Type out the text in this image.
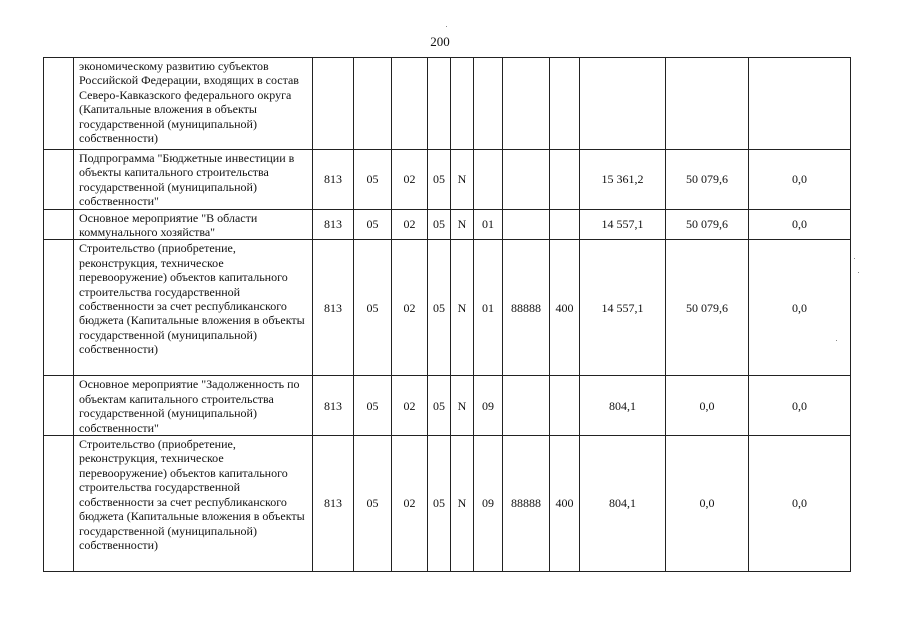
200
	экономическому развитию субъектов Российской Федерации, входящих в состав Северо-Кавказского федерального округа (Капитальные вложения в объекты государственной (муниципальной) собственности)											
	Подпрограмма "Бюджетные инвестиции в объекты капитального строительства государственной (муниципальной) собственности"	813	05	02	05	N				15 361,2	50 079,6	0,0
	Основное мероприятие "В области коммунального хозяйства"	813	05	02	05	N	01			14 557,1	50 079,6	0,0
	Строительство (приобретение, реконструкция, техническое перевооружение) объектов капитального строительства государственной собственности за счет республиканского бюджета (Капитальные вложения в объекты государственной (муниципальной) собственности)	813	05	02	05	N	01	88888	400	14 557,1	50 079,6	0,0
	Основное мероприятие "Задолженность по объектам капитального строительства государственной (муниципальной) собственности"	813	05	02	05	N	09			804,1	0,0	0,0
	Строительство (приобретение, реконструкция, техническое перевооружение) объектов капитального строительства государственной собственности за счет республиканского бюджета (Капитальные вложения в объекты государственной (муниципальной) собственности)	813	05	02	05	N	09	88888	400	804,1	0,0	0,0
